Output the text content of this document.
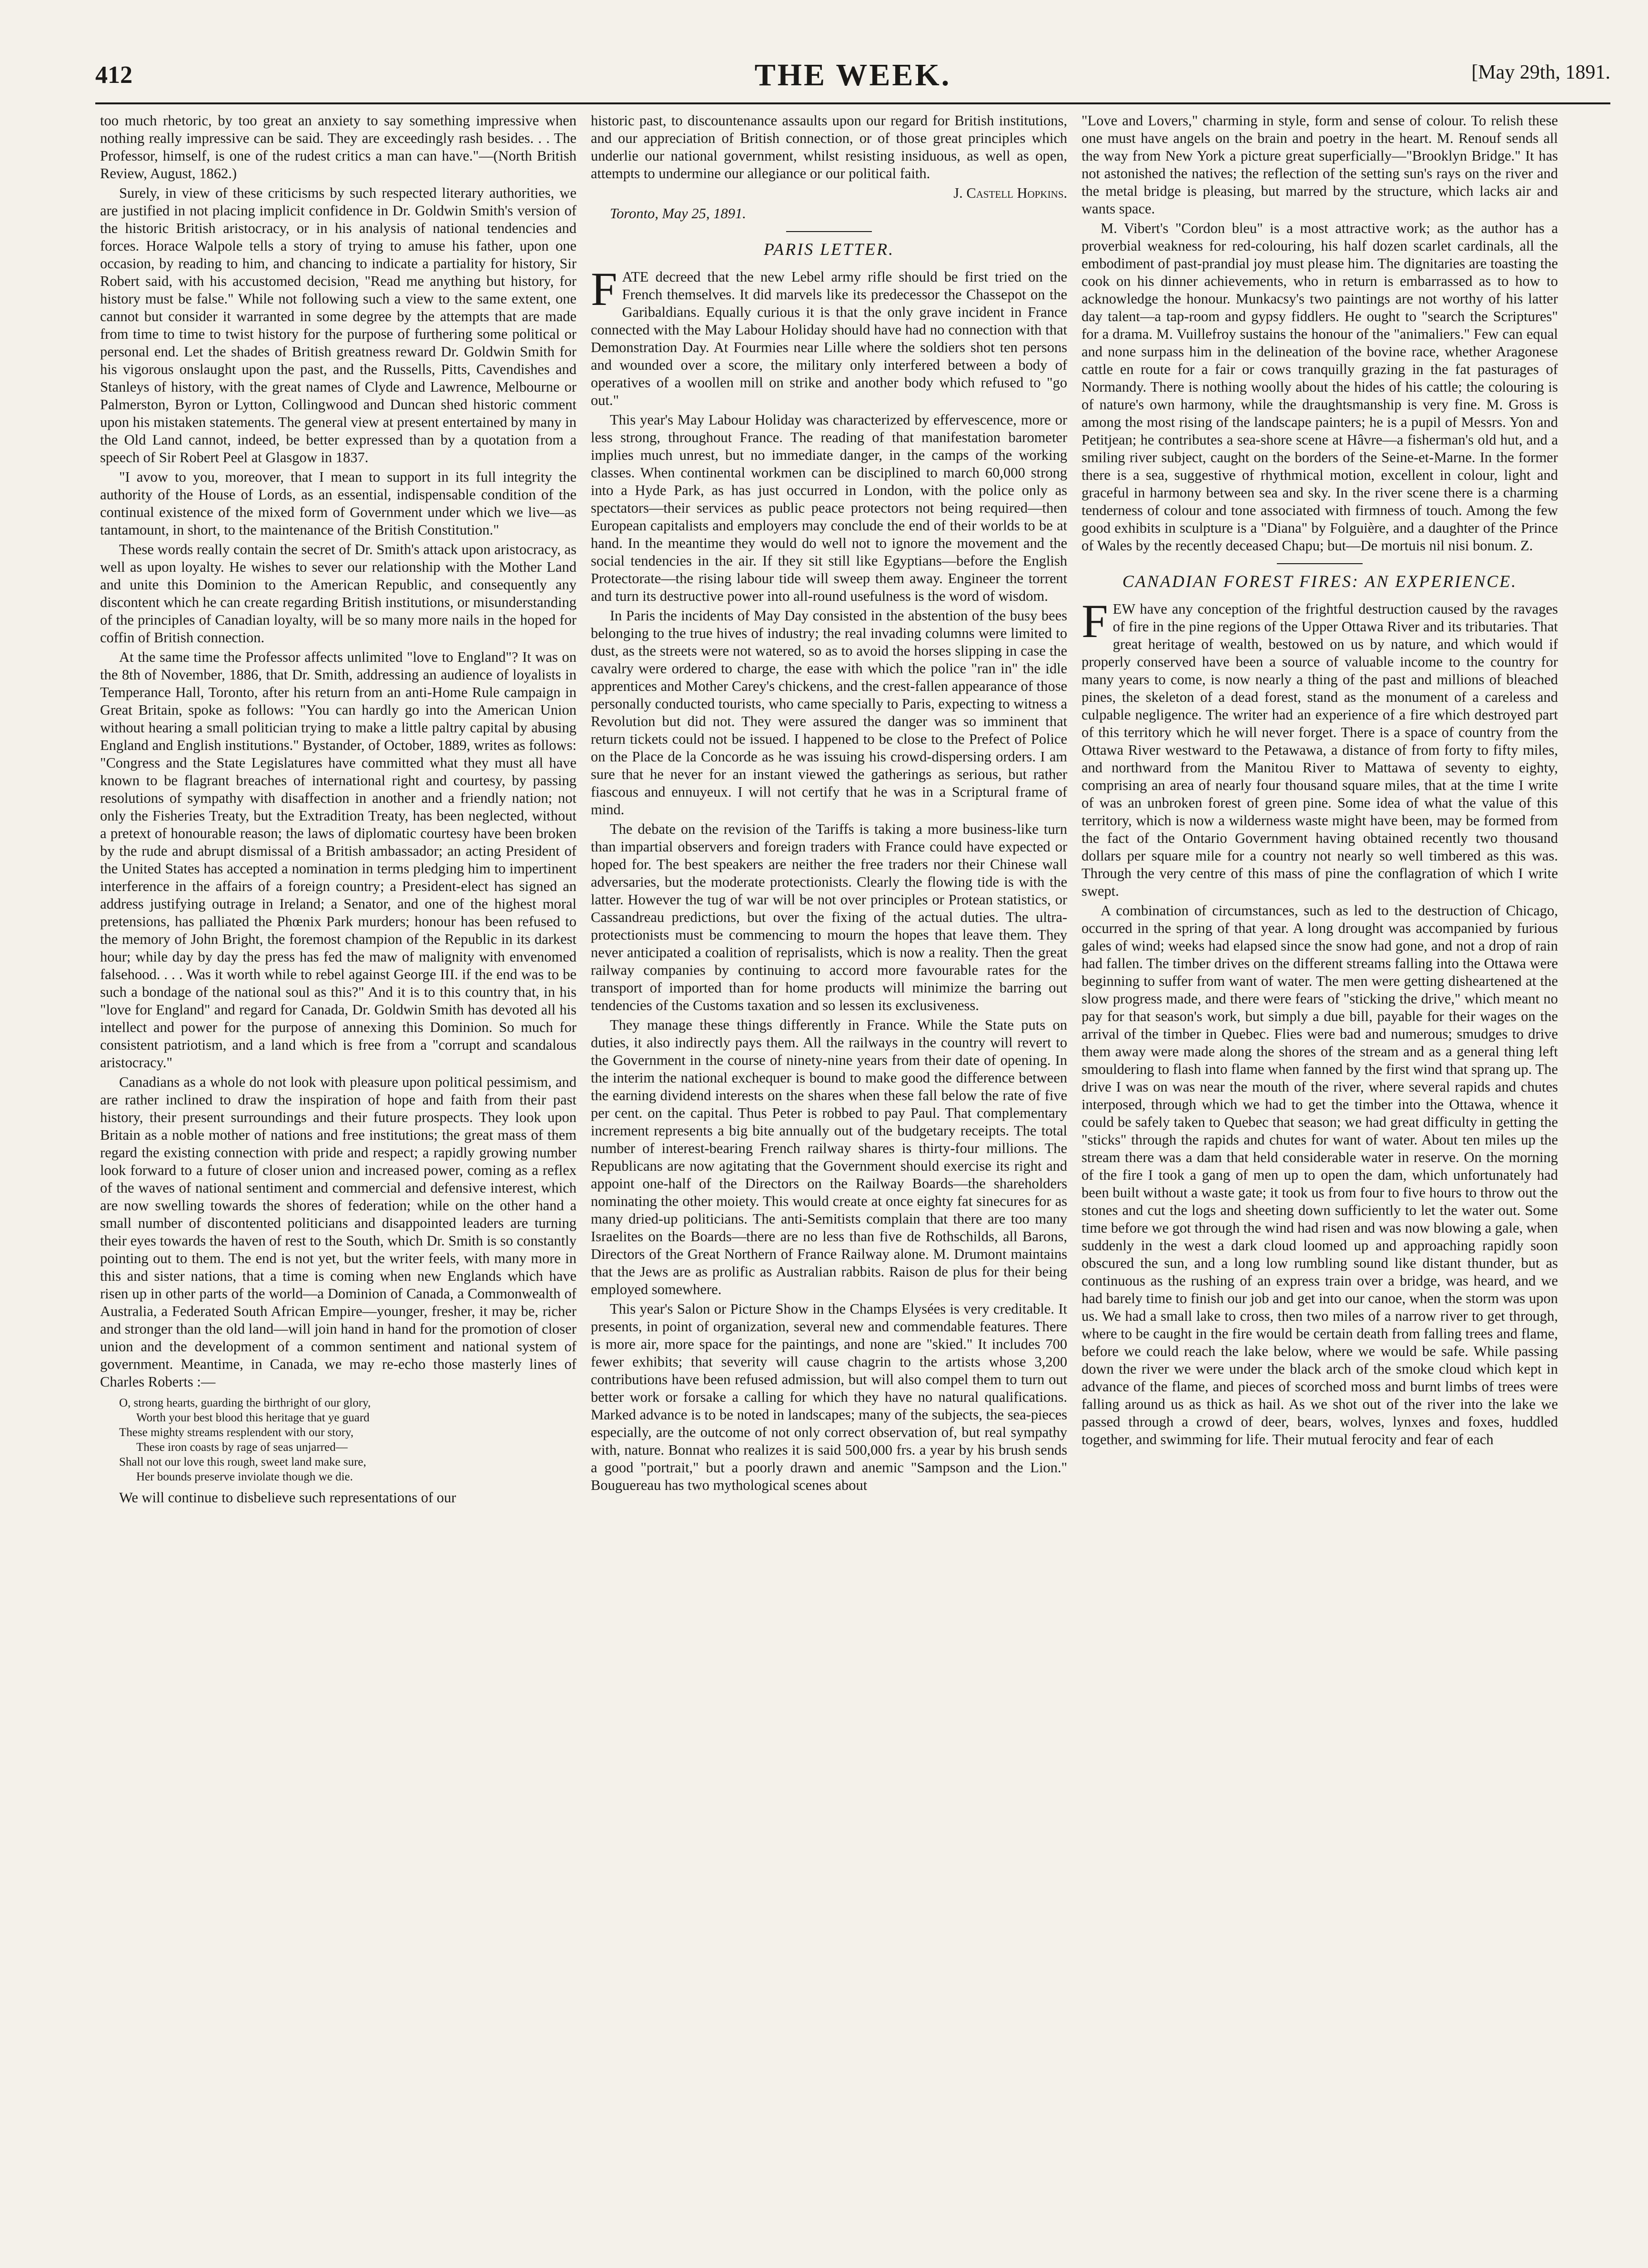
412	THE WEEK.	[May 29th, 1891.

too much rhetoric, by too great an anxiety to say something impressive when nothing really impressive can be said. They are exceedingly rash besides. . . The Professor, himself, is one of the rudest critics a man can have."—(North British Review, August, 1862.)

Surely, in view of these criticisms by such respected literary authorities, we are justified in not placing implicit confidence in Dr. Goldwin Smith's version of the historic British aristocracy, or in his analysis of national tendencies and forces. Horace Walpole tells a story of trying to amuse his father, upon one occasion, by reading to him, and chancing to indicate a partiality for history, Sir Robert said, with his accustomed decision, "Read me anything but history, for history must be false." While not following such a view to the same extent, one cannot but consider it warranted in some degree by the attempts that are made from time to time to twist history for the purpose of furthering some political or personal end. Let the shades of British greatness reward Dr. Goldwin Smith for his vigorous onslaught upon the past, and the Russells, Pitts, Cavendishes and Stanleys of history, with the great names of Clyde and Lawrence, Melbourne or Palmerston, Byron or Lytton, Collingwood and Duncan shed historic comment upon his mistaken statements. The general view at present entertained by many in the Old Land cannot, indeed, be better expressed than by a quotation from a speech of Sir Robert Peel at Glasgow in 1837.

"I avow to you, moreover, that I mean to support in its full integrity the authority of the House of Lords, as an essential, indispensable condition of the continual existence of the mixed form of Government under which we live—as tantamount, in short, to the maintenance of the British Constitution."

These words really contain the secret of Dr. Smith's attack upon aristocracy, as well as upon loyalty. He wishes to sever our relationship with the Mother Land and unite this Dominion to the American Republic, and consequently any discontent which he can create regarding British institutions, or misunderstanding of the principles of Canadian loyalty, will be so many more nails in the hoped for coffin of British connection.

At the same time the Professor affects unlimited "love to England"? It was on the 8th of November, 1886, that Dr. Smith, addressing an audience of loyalists in Temperance Hall, Toronto, after his return from an anti-Home Rule campaign in Great Britain, spoke as follows: "You can hardly go into the American Union without hearing a small politician trying to make a little paltry capital by abusing England and English institutions." Bystander, of October, 1889, writes as follows: "Congress and the State Legislatures have committed what they must all have known to be flagrant breaches of international right and courtesy, by passing resolutions of sympathy with disaffection in another and a friendly nation; not only the Fisheries Treaty, but the Extradition Treaty, has been neglected, without a pretext of honourable reason; the laws of diplomatic courtesy have been broken by the rude and abrupt dismissal of a British ambassador; an acting President of the United States has accepted a nomination in terms pledging him to impertinent interference in the affairs of a foreign country; a President-elect has signed an address justifying outrage in Ireland; a Senator, and one of the highest moral pretensions, has palliated the Phœnix Park murders; honour has been refused to the memory of John Bright, the foremost champion of the Republic in its darkest hour; while day by day the press has fed the maw of malignity with envenomed falsehood. . . . Was it worth while to rebel against George III. if the end was to be such a bondage of the national soul as this?" And it is to this country that, in his "love for England" and regard for Canada, Dr. Goldwin Smith has devoted all his intellect and power for the purpose of annexing this Dominion. So much for consistent patriotism, and a land which is free from a "corrupt and scandalous aristocracy."

Canadians as a whole do not look with pleasure upon political pessimism, and are rather inclined to draw the inspiration of hope and faith from their past history, their present surroundings and their future prospects. They look upon Britain as a noble mother of nations and free institutions; the great mass of them regard the existing connection with pride and respect; a rapidly growing number look forward to a future of closer union and increased power, coming as a reflex of the waves of national sentiment and commercial and defensive interest, which are now swelling towards the shores of federation; while on the other hand a small number of discontented politicians and disappointed leaders are turning their eyes towards the haven of rest to the South, which Dr. Smith is so constantly pointing out to them. The end is not yet, but the writer feels, with many more in this and sister nations, that a time is coming when new Englands which have risen up in other parts of the world—a Dominion of Canada, a Commonwealth of Australia, a Federated South African Empire—younger, fresher, it may be, richer and stronger than the old land—will join hand in hand for the promotion of closer union and the development of a common sentiment and national system of government. Meantime, in Canada, we may re-echo those masterly lines of Charles Roberts :—

O, strong hearts, guarding the birthright of our glory,
Worth your best blood this heritage that ye guard
These mighty streams resplendent with our story,
These iron coasts by rage of seas unjarred—
Shall not our love this rough, sweet land make sure,
Her bounds preserve inviolate though we die.

We will continue to disbelieve such representations of our

historic past, to discountenance assaults upon our regard for British institutions, and our appreciation of British connection, or of those great principles which underlie our national government, whilst resisting insiduous, as well as open, attempts to undermine our allegiance or our political faith.

J. Castell Hopkins.
Toronto, May 25, 1891.
PARIS LETTER.

FATE decreed that the new Lebel army rifle should be first tried on the French themselves. It did marvels like its predecessor the Chassepot on the Garibaldians. Equally curious it is that the only grave incident in France connected with the May Labour Holiday should have had no connection with that Demonstration Day. At Fourmies near Lille where the soldiers shot ten persons and wounded over a score, the military only interfered between a body of operatives of a woollen mill on strike and another body which refused to "go out."

This year's May Labour Holiday was characterized by effervescence, more or less strong, throughout France. The reading of that manifestation barometer implies much unrest, but no immediate danger, in the camps of the working classes. When continental workmen can be disciplined to march 60,000 strong into a Hyde Park, as has just occurred in London, with the police only as spectators—their services as public peace protectors not being required—then European capitalists and employers may conclude the end of their worlds to be at hand. In the meantime they would do well not to ignore the movement and the social tendencies in the air. If they sit still like Egyptians—before the English Protectorate—the rising labour tide will sweep them away. Engineer the torrent and turn its destructive power into all-round usefulness is the word of wisdom.

In Paris the incidents of May Day consisted in the abstention of the busy bees belonging to the true hives of industry; the real invading columns were limited to dust, as the streets were not watered, so as to avoid the horses slipping in case the cavalry were ordered to charge, the ease with which the police "ran in" the idle apprentices and Mother Carey's chickens, and the crest-fallen appearance of those personally conducted tourists, who came specially to Paris, expecting to witness a Revolution but did not. They were assured the danger was so imminent that return tickets could not be issued. I happened to be close to the Prefect of Police on the Place de la Concorde as he was issuing his crowd-dispersing orders. I am sure that he never for an instant viewed the gatherings as serious, but rather fiascous and ennuyeux. I will not certify that he was in a Scriptural frame of mind.

The debate on the revision of the Tariffs is taking a more business-like turn than impartial observers and foreign traders with France could have expected or hoped for. The best speakers are neither the free traders nor their Chinese wall adversaries, but the moderate protectionists. Clearly the flowing tide is with the latter. However the tug of war will be not over principles or Protean statistics, or Cassandreau predictions, but over the fixing of the actual duties. The ultra-protectionists must be commencing to mourn the hopes that leave them. They never anticipated a coalition of reprisalists, which is now a reality. Then the great railway companies by continuing to accord more favourable rates for the transport of imported than for home products will minimize the barring out tendencies of the Customs taxation and so lessen its exclusiveness.

They manage these things differently in France. While the State puts on duties, it also indirectly pays them. All the railways in the country will revert to the Government in the course of ninety-nine years from their date of opening. In the interim the national exchequer is bound to make good the difference between the earning dividend interests on the shares when these fall below the rate of five per cent. on the capital. Thus Peter is robbed to pay Paul. That complementary increment represents a big bite annually out of the budgetary receipts. The total number of interest-bearing French railway shares is thirty-four millions. The Republicans are now agitating that the Government should exercise its right and appoint one-half of the Directors on the Railway Boards—the shareholders nominating the other moiety. This would create at once eighty fat sinecures for as many dried-up politicians. The anti-Semitists complain that there are too many Israelites on the Boards—there are no less than five de Rothschilds, all Barons, Directors of the Great Northern of France Railway alone. M. Drumont maintains that the Jews are as prolific as Australian rabbits. Raison de plus for their being employed somewhere.

This year's Salon or Picture Show in the Champs Elysées is very creditable. It presents, in point of organization, several new and commendable features. There is more air, more space for the paintings, and none are "skied." It includes 700 fewer exhibits; that severity will cause chagrin to the artists whose 3,200 contributions have been refused admission, but will also compel them to turn out better work or forsake a calling for which they have no natural qualifications. Marked advance is to be noted in landscapes; many of the subjects, the sea-pieces especially, are the outcome of not only correct observation of, but real sympathy with, nature. Bonnat who realizes it is said 500,000 frs. a year by his brush sends a good "portrait," but a poorly drawn and anemic "Sampson and the Lion." Bouguereau has two mythological scenes about

"Love and Lovers," charming in style, form and sense of colour. To relish these one must have angels on the brain and poetry in the heart. M. Renouf sends all the way from New York a picture great superficially—"Brooklyn Bridge." It has not astonished the natives; the reflection of the setting sun's rays on the river and the metal bridge is pleasing, but marred by the structure, which lacks air and wants space.

M. Vibert's "Cordon bleu" is a most attractive work; as the author has a proverbial weakness for red-colouring, his half dozen scarlet cardinals, all the embodiment of past-prandial joy must please him. The dignitaries are toasting the cook on his dinner achievements, who in return is embarrassed as to how to acknowledge the honour. Munkacsy's two paintings are not worthy of his latter day talent—a tap-room and gypsy fiddlers. He ought to "search the Scriptures" for a drama. M. Vuillefroy sustains the honour of the "animaliers." Few can equal and none surpass him in the delineation of the bovine race, whether Aragonese cattle en route for a fair or cows tranquilly grazing in the fat pasturages of Normandy. There is nothing woolly about the hides of his cattle; the colouring is of nature's own harmony, while the draughtsmanship is very fine. M. Gross is among the most rising of the landscape painters; he is a pupil of Messrs. Yon and Petitjean; he contributes a sea-shore scene at Hâvre—a fisherman's old hut, and a smiling river subject, caught on the borders of the Seine-et-Marne. In the former there is a sea, suggestive of rhythmical motion, excellent in colour, light and graceful in harmony between sea and sky. In the river scene there is a charming tenderness of colour and tone associated with firmness of touch. Among the few good exhibits in sculpture is a "Diana" by Folguière, and a daughter of the Prince of Wales by the recently deceased Chapu; but—De mortuis nil nisi bonum. Z.

CANADIAN FOREST FIRES: AN EXPERIENCE.

FEW have any conception of the frightful destruction caused by the ravages of fire in the pine regions of the Upper Ottawa River and its tributaries. That great heritage of wealth, bestowed on us by nature, and which would if properly conserved have been a source of valuable income to the country for many years to come, is now nearly a thing of the past and millions of bleached pines, the skeleton of a dead forest, stand as the monument of a careless and culpable negligence. The writer had an experience of a fire which destroyed part of this territory which he will never forget. There is a space of country from the Ottawa River westward to the Petawawa, a distance of from forty to fifty miles, and northward from the Manitou River to Mattawa of seventy to eighty, comprising an area of nearly four thousand square miles, that at the time I write of was an unbroken forest of green pine. Some idea of what the value of this territory, which is now a wilderness waste might have been, may be formed from the fact of the Ontario Government having obtained recently two thousand dollars per square mile for a country not nearly so well timbered as this was. Through the very centre of this mass of pine the conflagration of which I write swept.

A combination of circumstances, such as led to the destruction of Chicago, occurred in the spring of that year. A long drought was accompanied by furious gales of wind; weeks had elapsed since the snow had gone, and not a drop of rain had fallen. The timber drives on the different streams falling into the Ottawa were beginning to suffer from want of water. The men were getting disheartened at the slow progress made, and there were fears of "sticking the drive," which meant no pay for that season's work, but simply a due bill, payable for their wages on the arrival of the timber in Quebec. Flies were bad and numerous; smudges to drive them away were made along the shores of the stream and as a general thing left smouldering to flash into flame when fanned by the first wind that sprang up. The drive I was on was near the mouth of the river, where several rapids and chutes interposed, through which we had to get the timber into the Ottawa, whence it could be safely taken to Quebec that season; we had great difficulty in getting the "sticks" through the rapids and chutes for want of water. About ten miles up the stream there was a dam that held considerable water in reserve. On the morning of the fire I took a gang of men up to open the dam, which unfortunately had been built without a waste gate; it took us from four to five hours to throw out the stones and cut the logs and sheeting down sufficiently to let the water out. Some time before we got through the wind had risen and was now blowing a gale, when suddenly in the west a dark cloud loomed up and approaching rapidly soon obscured the sun, and a long low rumbling sound like distant thunder, but as continuous as the rushing of an express train over a bridge, was heard, and we had barely time to finish our job and get into our canoe, when the storm was upon us. We had a small lake to cross, then two miles of a narrow river to get through, where to be caught in the fire would be certain death from falling trees and flame, before we could reach the lake below, where we would be safe. While passing down the river we were under the black arch of the smoke cloud which kept in advance of the flame, and pieces of scorched moss and burnt limbs of trees were falling around us as thick as hail. As we shot out of the river into the lake we passed through a crowd of deer, bears, wolves, lynxes and foxes, huddled together, and swimming for life. Their mutual ferocity and fear of each
